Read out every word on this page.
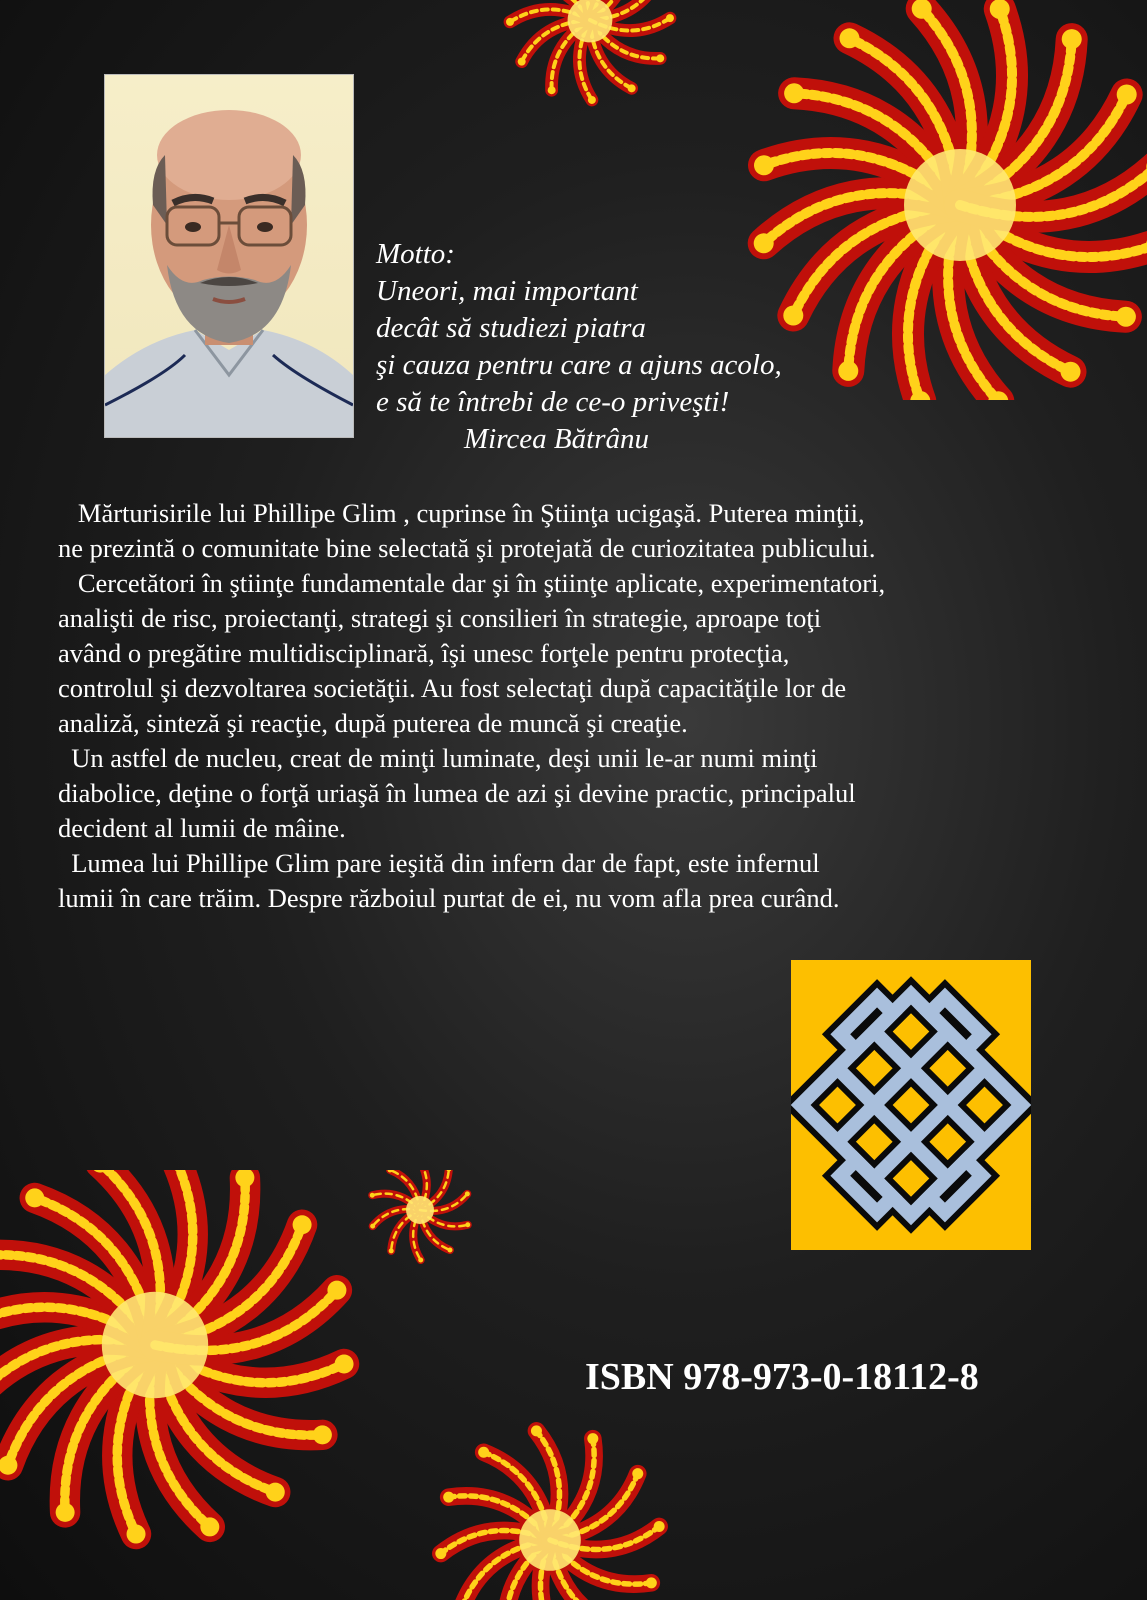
Motto:
Uneori, mai important
decât să studiezi piatra
şi cauza pentru care a ajuns acolo,
e să te întrebi de ce-o priveşti!
Mircea Bătrânu
Mărturisirile lui Phillipe Glim , cuprinse în Ştiinţa ucigaşă. Puterea minţii,
ne prezintă o comunitate bine selectată şi protejată de curiozitatea publicului.
Cercetători în ştiinţe fundamentale dar şi în ştiinţe aplicate, experimentatori,
analişti de risc, proiectanţi, strategi şi consilieri în strategie, aproape toţi
având o pregătire multidisciplinară, îşi unesc forţele pentru protecţia,
controlul şi dezvoltarea societăţii. Au fost selectaţi după capacităţile lor de
analiză, sinteză şi reacţie, după puterea de muncă şi creaţie.
Un astfel de nucleu, creat de minţi luminate, deşi unii le-ar numi minţi
diabolice, deţine o forţă uriaşă în lumea de azi şi devine practic, principalul
decident al lumii de mâine.
Lumea lui Phillipe Glim pare ieşită din infern dar de fapt, este infernul
lumii în care trăim. Despre războiul purtat de ei, nu vom afla prea curând.
ISBN 978-973-0-18112-8
